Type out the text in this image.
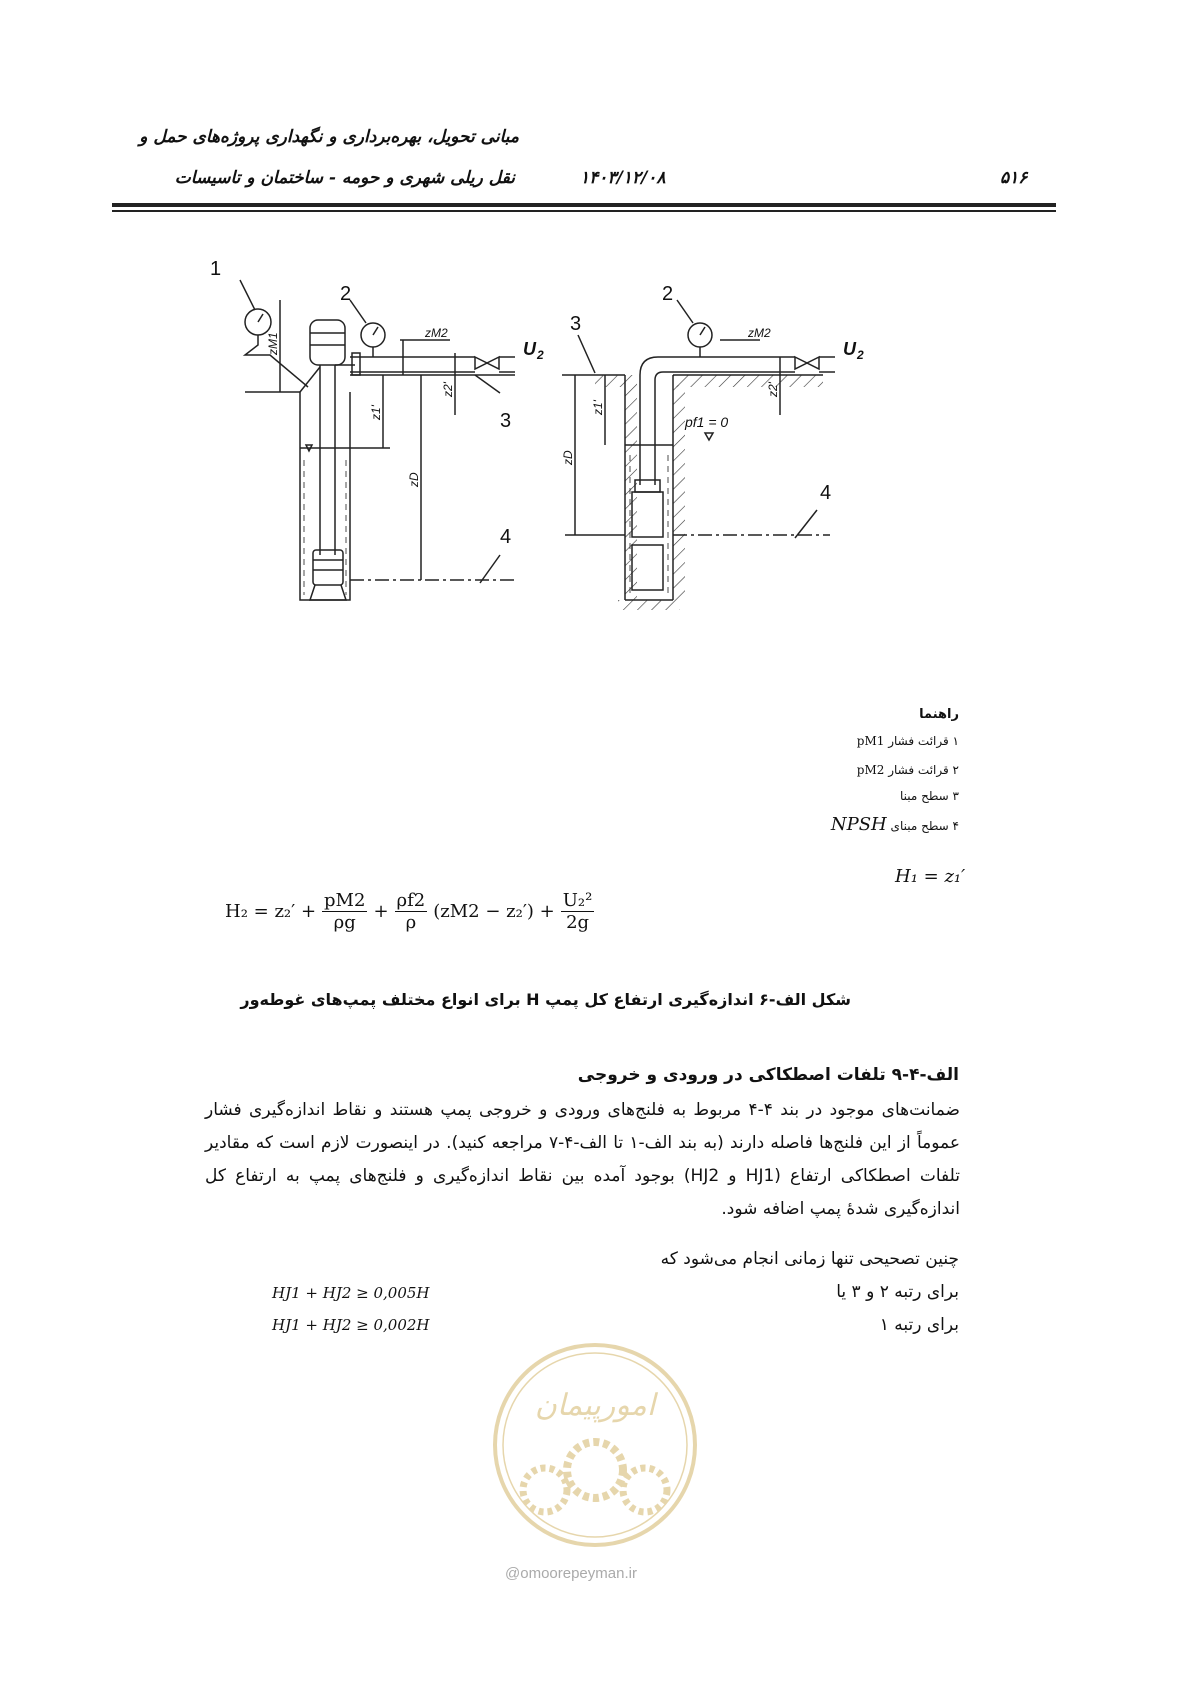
مبانی تحویل، بهره‌برداری و نگهداری پروژه‌های حمل و
نقل ریلی شهری و حومه - ساختمان و تاسیسات	۱۴۰۳/۱۲/۰۸	۵۱۶
1
2
3
4
2
3
4
zM1	zM2
z1'
z2'
zD
zM2
z1'
z2'
zD
pf1 = 0
U 2	U 2
راهنما
۱ قرائت فشار pM1
۲ قرائت فشار pM2
۳ سطح مبنا
۴ سطح مبنای NPSH
H₁ = z₁′
$H_2 = z_2' + \frac{pM2}{\rho g} + \frac{\rho f2}{\rho} (zM2 - z_2') + \frac{\text{U₂²}}{2g}$
شکل الف-۶ اندازه‌گیری ارتفاع کل پمپ H برای انواع مختلف پمپ‌های غوطه‌ور
الف-۴-۹ تلفات اصطکاکی در ورودی و خروجی
ضمانت‌های موجود در بند ۴-۴ مربوط به فلنج‌های ورودی و خروجی پمپ هستند و نقاط اندازه‌گیری فشار عموماً از این فلنج‌ها فاصله دارند (به بند الف-۱ تا الف-۴-۷ مراجعه کنید). در اینصورت لازم است که مقادیر تلفات اصطکاکی ارتفاع (HJ1 و HJ2) بوجود آمده بین نقاط اندازه‌گیری و فلنج‌های پمپ به ارتفاع کل اندازه‌گیری شدهٔ پمپ اضافه شود.
چنین تصحیحی تنها زمانی انجام می‌شود که
برای رتبه ۲ و ۳ یا
HJ1 + HJ2 ≥ 0,005H
برای رتبه ۱
HJ1 + HJ2 ≥ 0,002H
امورپیمان
@omoorepeyman.ir
